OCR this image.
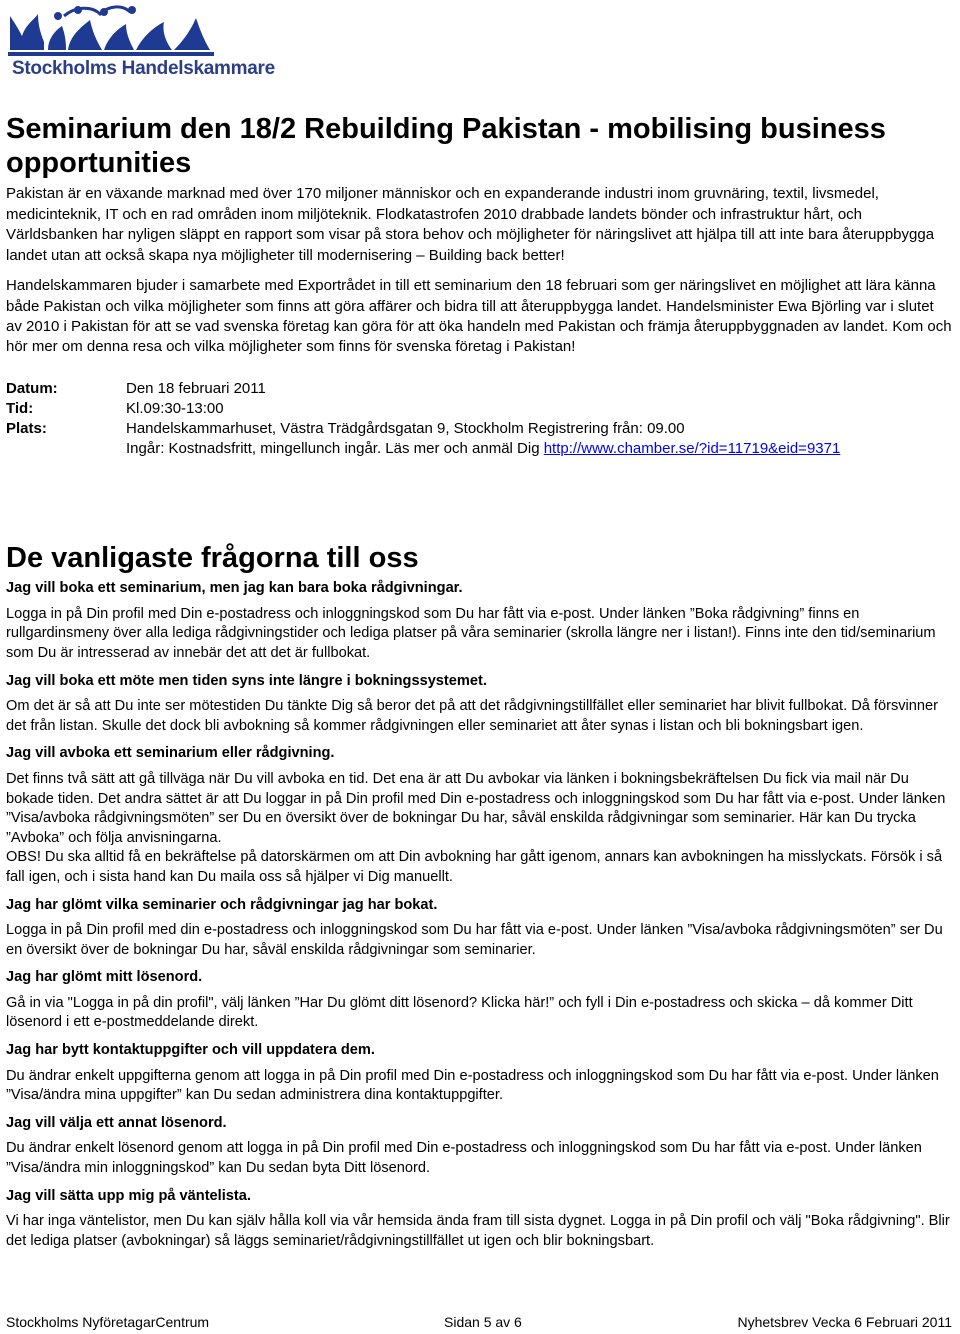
Stockholms Handelskammare
Seminarium den 18/2 Rebuilding Pakistan - mobilising business opportunities

Pakistan är en växande marknad med över 170 miljoner människor och en expanderande industri inom gruvnäring, textil, livsmedel, medicinteknik, IT och en rad områden inom miljöteknik. Flodkatastrofen 2010 drabbade landets bönder och infrastruktur hårt, och Världsbanken har nyligen släppt en rapport som visar på stora behov och möjligheter för näringslivet att hjälpa till att inte bara återuppbygga landet utan att också skapa nya möjligheter till modernisering – Building back better!

Handelskammaren bjuder i samarbete med Exportrådet in till ett seminarium den 18 februari som ger näringslivet en möjlighet att lära känna både Pakistan och vilka möjligheter som finns att göra affärer och bidra till att återuppbygga landet. Handelsminister Ewa Björling var i slutet av 2010 i Pakistan för att se vad svenska företag kan göra för att öka handeln med Pakistan och främja återuppbyggnaden av landet. Kom och hör mer om denna resa och vilka möjligheter som finns för svenska företag i Pakistan!

Datum:	Den 18 februari 2011
Tid:	Kl.09:30-13:00
Plats:	Handelskammarhuset, Västra Trädgårdsgatan 9, Stockholm Registrering från: 09.00
	Ingår: Kostnadsfritt, mingellunch ingår. Läs mer och anmäl Dig http://www.chamber.se/?id=11719&eid=9371
De vanligaste frågorna till oss

Jag vill boka ett seminarium, men jag kan bara boka rådgivningar.

Logga in på Din profil med Din e-postadress och inloggningskod som Du har fått via e-post. Under länken ”Boka rådgivning” finns en rullgardinsmeny över alla lediga rådgivningstider och lediga platser på våra seminarier (skrolla längre ner i listan!). Finns inte den tid/seminarium som Du är intresserad av innebär det att det är fullbokat.

Jag vill boka ett möte men tiden syns inte längre i bokningssystemet.

Om det är så att Du inte ser mötestiden Du tänkte Dig så beror det på att det rådgivningstillfället eller seminariet har blivit fullbokat. Då försvinner det från listan. Skulle det dock bli avbokning så kommer rådgivningen eller seminariet att åter synas i listan och bli bokningsbart igen.

Jag vill avboka ett seminarium eller rådgivning.

Det finns två sätt att gå tillväga när Du vill avboka en tid. Det ena är att Du avbokar via länken i bokningsbekräftelsen Du fick via mail när Du bokade tiden. Det andra sättet är att Du loggar in på Din profil med Din e-postadress och inloggningskod som Du har fått via e-post. Under länken ”Visa/avboka rådgivningsmöten” ser Du en översikt över de bokningar Du har, såväl enskilda rådgivningar som seminarier. Här kan Du trycka ”Avboka” och följa anvisningarna.

OBS! Du ska alltid få en bekräftelse på datorskärmen om att Din avbokning har gått igenom, annars kan avbokningen ha misslyckats. Försök i så fall igen, och i sista hand kan Du maila oss så hjälper vi Dig manuellt.

Jag har glömt vilka seminarier och rådgivningar jag har bokat.

Logga in på Din profil med din e-postadress och inloggningskod som Du har fått via e-post. Under länken ”Visa/avboka rådgivningsmöten” ser Du en översikt över de bokningar Du har, såväl enskilda rådgivningar som seminarier.

Jag har glömt mitt lösenord.

Gå in via "Logga in på din profil", välj länken ”Har Du glömt ditt lösenord? Klicka här!” och fyll i Din e-postadress och skicka – då kommer Ditt lösenord i ett e-postmeddelande direkt.

Jag har bytt kontaktuppgifter och vill uppdatera dem.

Du ändrar enkelt uppgifterna genom att logga in på Din profil med Din e-postadress och inloggningskod som Du har fått via e-post. Under länken ”Visa/ändra mina uppgifter” kan Du sedan administrera dina kontaktuppgifter.

Jag vill välja ett annat lösenord.

Du ändrar enkelt lösenord genom att logga in på Din profil med Din e-postadress och inloggningskod som Du har fått via e-post. Under länken ”Visa/ändra min inloggningskod” kan Du sedan byta Ditt lösenord.

Jag vill sätta upp mig på väntelista.

Vi har inga väntelistor, men Du kan själv hålla koll via vår hemsida ända fram till sista dygnet. Logga in på Din profil och välj "Boka rådgivning". Blir det lediga platser (avbokningar) så läggs seminariet/rådgivningstillfället ut igen och blir bokningsbart.

Stockholms NyföretagarCentrum	Sidan 5 av 6	Nyhetsbrev Vecka 6 Februari 2011
